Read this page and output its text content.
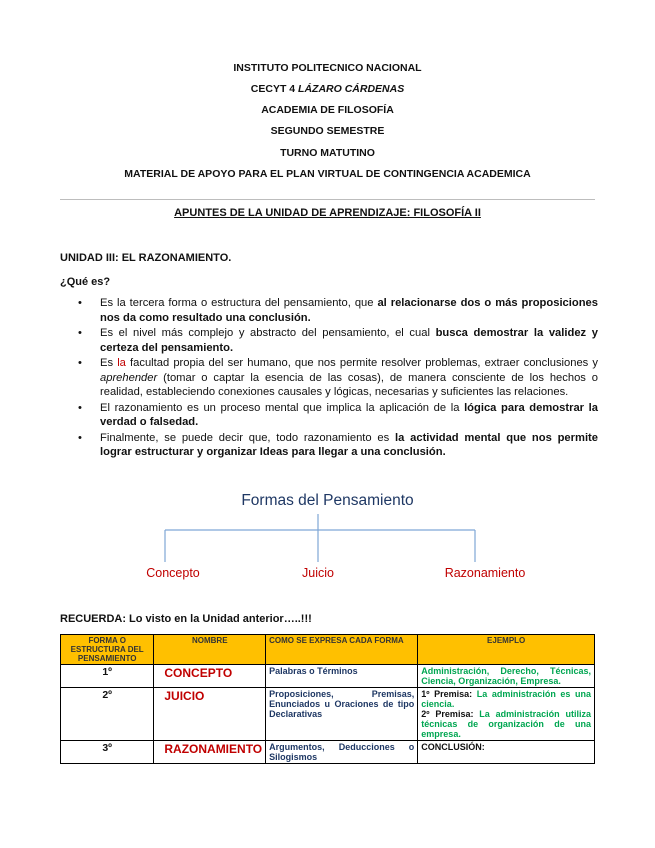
INSTITUTO POLITECNICO NACIONAL
CECYT 4 LÁZARO CÁRDENAS
ACADEMIA DE FILOSOFÍA
SEGUNDO SEMESTRE
TURNO MATUTINO
MATERIAL DE APOYO PARA EL PLAN VIRTUAL DE CONTINGENCIA ACADEMICA
APUNTES DE LA UNIDAD DE APRENDIZAJE: FILOSOFÍA II
UNIDAD III: EL RAZONAMIENTO.
¿Qué es?
• Es la tercera forma o estructura del pensamiento, que al relacionarse dos o más proposiciones nos da como resultado una conclusión.
• Es el nivel más complejo y abstracto del pensamiento, el cual busca demostrar la validez y certeza del pensamiento.
• Es la facultad propia del ser humano, que nos permite resolver problemas, extraer conclusiones y aprehender (tomar o captar la esencia de las cosas), de manera consciente de los hechos o realidad, estableciendo conexiones causales y lógicas, necesarias y suficientes las relaciones.
• El razonamiento es un proceso mental que implica la aplicación de la lógica para demostrar la verdad o falsedad.
• Finalmente, se puede decir que, todo razonamiento es la actividad mental que nos permite lograr estructurar y organizar Ideas para llegar a una conclusión.
Formas del Pensamiento
Concepto	Juicio	Razonamiento
RECUERDA: Lo visto en la Unidad anterior…..!!!
FORMA O ESTRUCTURA DEL PENSAMIENTO	NOMBRE	COMO SE EXPRESA CADA FORMA	EJEMPLO
1º	CONCEPTO	Palabras o Términos	Administración, Derecho, Técnicas, Ciencia, Organización, Empresa.
2º	JUICIO	Proposiciones, Premisas, Enunciados u Oraciones de tipo Declarativas	1º Premisa: La administración es una ciencia.
2º Premisa: La administración utiliza técnicas de organización de una empresa.
3º	RAZONAMIENTO	Argumentos, Deducciones o Silogismos	CONCLUSIÓN:
